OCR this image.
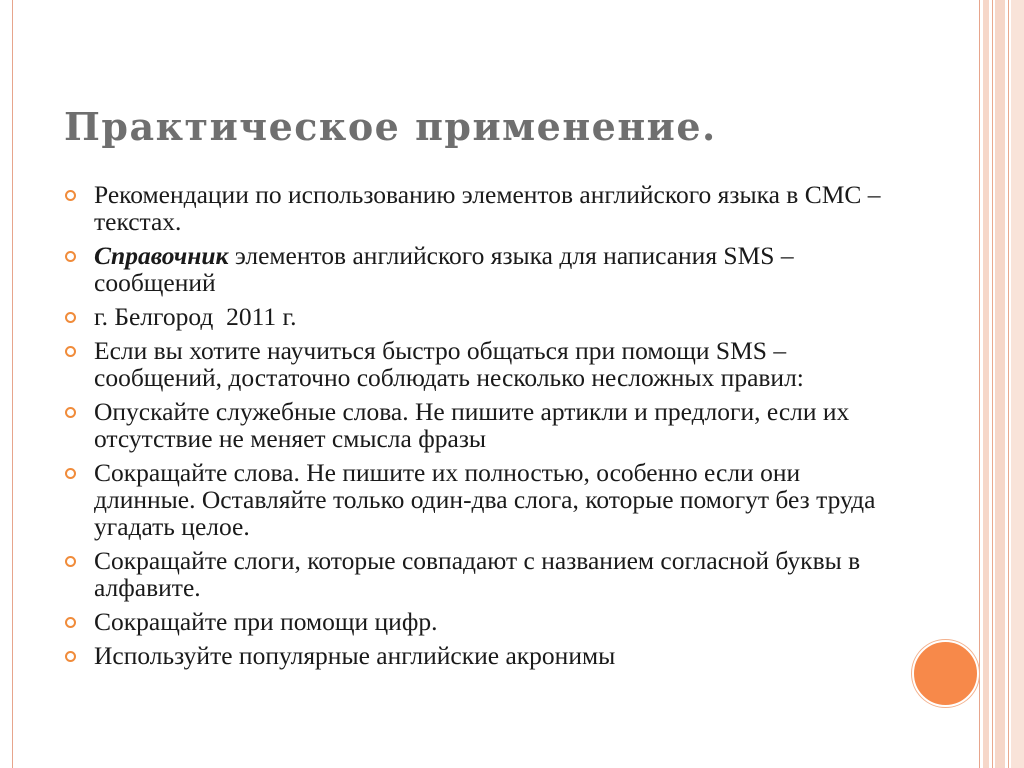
Практическое применение.
Рекомендации по использованию элементов английского языка в СМС – текстах.
Справочник элементов английского языка для написания SMS – сообщений
г. Белгород  2011 г.
Если вы хотите научиться быстро общаться при помощи SMS – сообщений, достаточно соблюдать несколько несложных правил:
Опускайте служебные слова. Не пишите артикли и предлоги, если их отсутствие не меняет смысла фразы
Сокращайте слова. Не пишите их полностью, особенно если они длинные. Оставляйте только один-два слога, которые помогут без труда угадать целое.
Сокращайте слоги, которые совпадают с названием согласной буквы в алфавите.
Сокращайте при помощи цифр.
Используйте популярные английские акронимы
